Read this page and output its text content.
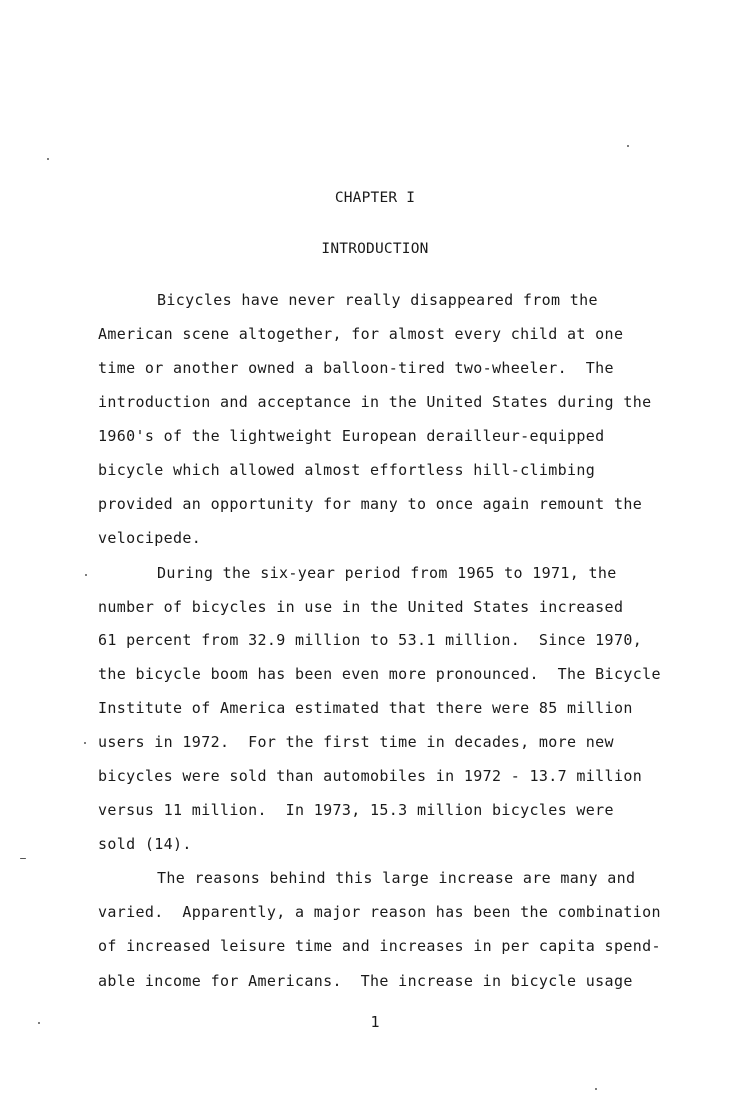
CHAPTER I
INTRODUCTION
Bicycles have never really disappeared from the
American scene altogether, for almost every child at one
time or another owned a balloon-tired two-wheeler.  The
introduction and acceptance in the United States during the
1960's of the lightweight European derailleur-equipped
bicycle which allowed almost effortless hill-climbing
provided an opportunity for many to once again remount the
velocipede.
During the six-year period from 1965 to 1971, the
number of bicycles in use in the United States increased
61 percent from 32.9 million to 53.1 million.  Since 1970,
the bicycle boom has been even more pronounced.  The Bicycle
Institute of America estimated that there were 85 million
users in 1972.  For the first time in decades, more new
bicycles were sold than automobiles in 1972 - 13.7 million
versus 11 million.  In 1973, 15.3 million bicycles were
sold (14).
The reasons behind this large increase are many and
varied.  Apparently, a major reason has been the combination
of increased leisure time and increases in per capita spend-
able income for Americans.  The increase in bicycle usage
1
